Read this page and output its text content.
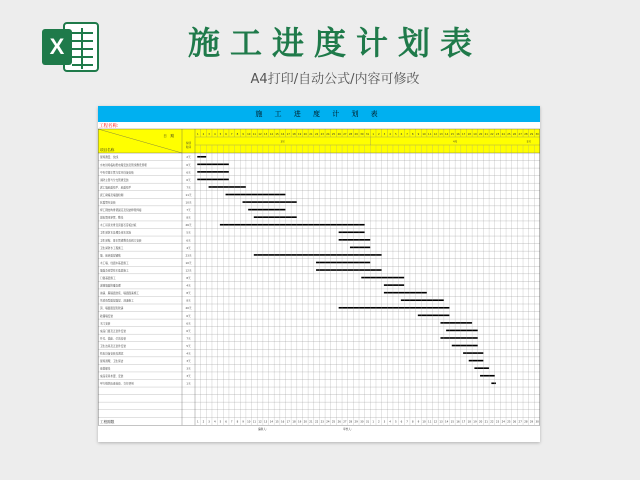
X	施工进度计划表
A4打印/自动公式/内容可修改
施 工 进 度 计 划 表
工程名称:
日　期
项目名称
持续
时间
1 2 3 4 5 6 7 8 9 10 11 12 13 14 15 16 17 18 19 20 21 22 23 24 25 26 27 28 29 30 31 1 2 3 4 5 6 7 8 9 10 11 12 13 14 15 16 17 18 19 20 21 22 23 24 25 26 27 28 29 30
3月	4月	5月
现场测量、放线	2天
水电进场临时配电箱安装及管线敷设预埋	6天
中央空调主管与室内设备安装	6天
消防主管与分支管道安装	6天
泥工墙地面找平、地面找平	7天
泥工砌墙及墙面粉刷	11天
抗震管托安装	10天
焊工钢结构骨架固定及包装修架焊接	7天
弱电管线穿管、敷设	8天
木工吊顶龙骨及顶面石膏板封板	26天
卫生间防水处理及闭水试验	5天
卫生间贴、排水管道敷设及阀门安装	6天
卫生间防水工程施工	4天
墙、地砖面层铺贴	23天
木工墙、柱面木基层施工	10天
墙面及造型柱木基层施工	12天
门窗基层施工	8天
涂刷墙面防霉处理	4天
油漆、腻墙面封底、墙面面漆施工	8天
吊顶造型面层面层、油漆施工	8天
顶、墙面面层乳胶漆	20天
硅藻墙安装	6天
木门安装	6天
成品门窗及五金件安装	6天
开关、插座、灯具安装	7天
卫生洁具及五金件安装	5天
机电设备安装及调试	4天
现场清理、卫生保洁	3天
地毯铺设	3天
成品家具布置、安装	3天
甲方组织检查验收、交付使用	1天
工程期限	1 2 3 4 5 6 7 8 9 10 11 12 13 14 15 16 17 18 19 20 21 22 23 24 25 26 27 28 29 30 31 1 2 3 4 5 6 7 8 9 10 11 12 13 14 15 16 17 18 19 20 21 22 23 24 25 26 27 28 29 30
编制人:	审核人:
